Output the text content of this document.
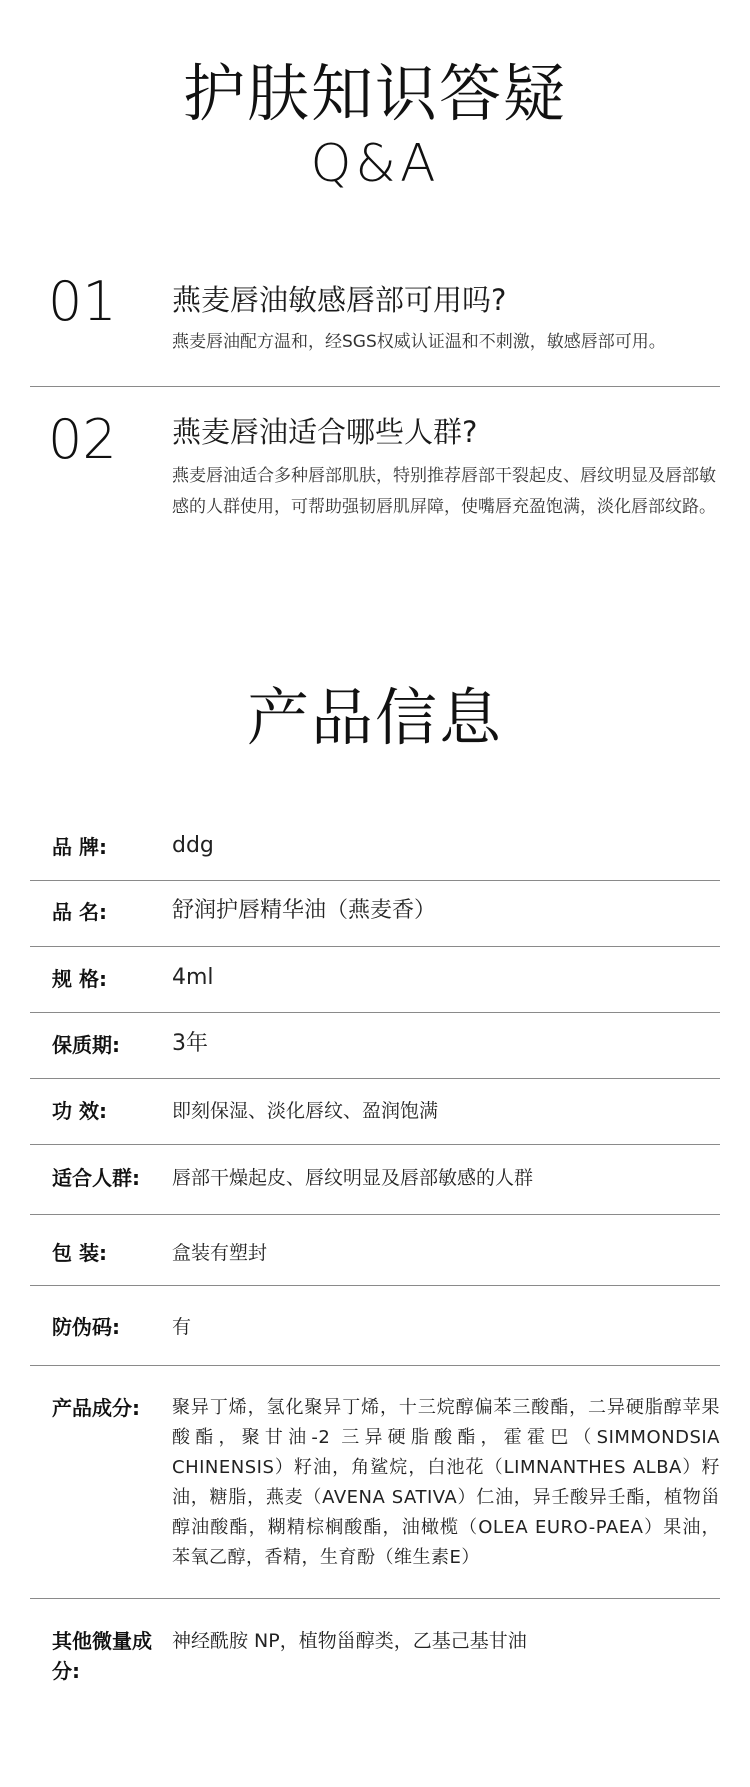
护肤知识答疑
Q&A
01 燕麦唇油敏感唇部可用吗?
燕麦唇油配方温和，经SGS权威认证温和不刺激，敏感唇部可用。
02 燕麦唇油适合哪些人群?
燕麦唇油适合多种唇部肌肤，特别推荐唇部干裂起皮、唇纹明显及唇部敏感的人群使用，可帮助强韧唇肌屏障，使嘴唇充盈饱满，淡化唇部纹路。
产品信息
品 牌:	ddg
品 名:	舒润护唇精华油（燕麦香）
规 格:	4ml
保质期:	3年
功 效:	即刻保湿、淡化唇纹、盈润饱满
适合人群:	唇部干燥起皮、唇纹明显及唇部敏感的人群
包 装:	盒装有塑封
防伪码:	有
产品成分:	聚异丁烯，氢化聚异丁烯，十三烷醇偏苯三酸酯，二异硬脂醇苹果酸酯，聚甘油-2 三异硬脂酸酯，霍霍巴（SIMMONDSIA CHINENSIS）籽油，角鲨烷，白池花（LIMNANTHES ALBA）籽油，糖脂，燕麦（AVENA SATIVA）仁油，异壬酸异壬酯，植物甾醇油酸酯，糊精棕榈酸酯，油橄榄（OLEA EURO-PAEA）果油，苯氧乙醇，香精，生育酚（维生素E）
其他微量成分:
神经酰胺 NP，植物甾醇类，乙基己基甘油
